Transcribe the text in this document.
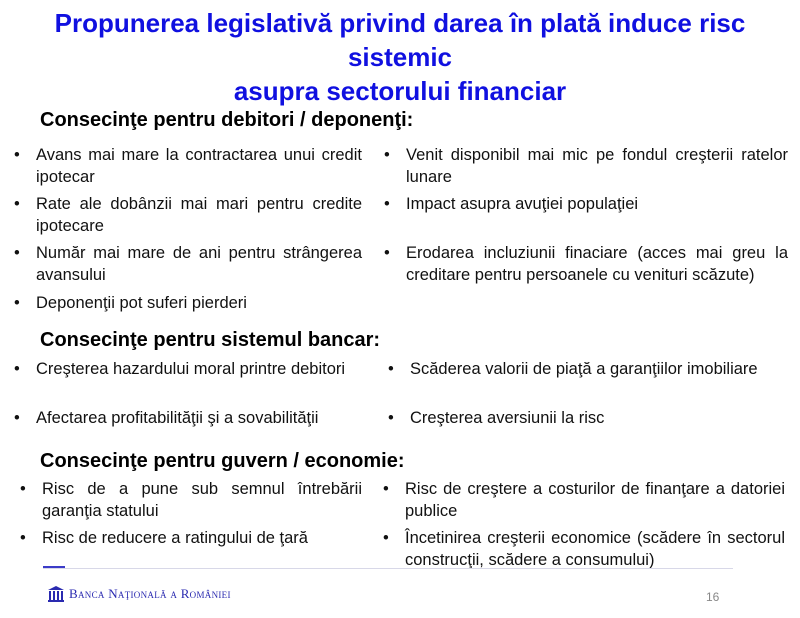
Propunerea legislativă privind darea în plată induce risc sistemic
asupra sectorului financiar
Consecinţe pentru debitori / deponenţi:
• Avans mai mare la contractarea unui credit ipotecar
• Rate ale dobânzii mai mari pentru credite ipotecare
• Număr mai mare de ani pentru strângerea avansului
• Deponenţii pot suferi pierderi
• Venit disponibil mai mic pe fondul creşterii ratelor lunare
• Impact asupra avuţiei populaţiei
• Erodarea incluziunii finaciare (acces mai greu la creditare pentru persoanele cu venituri scăzute)
Consecinţe pentru sistemul bancar:
• Creşterea hazardului moral printre debitori
• Afectarea profitabilităţii şi a sovabilităţii
• Scăderea valorii de piaţă a garanţiilor imobiliare
• Creşterea aversiunii la risc
Consecinţe pentru guvern / economie:
• Risc de a pune sub semnul întrebării garanţia statului
• Risc de reducere a ratingului de ţară
• Risc de creştere a costurilor de finanţare a datoriei publice
• Încetinirea creşterii economice (scădere în sectorul construcţii, scădere a consumului)
Banca Naţională a României	16
